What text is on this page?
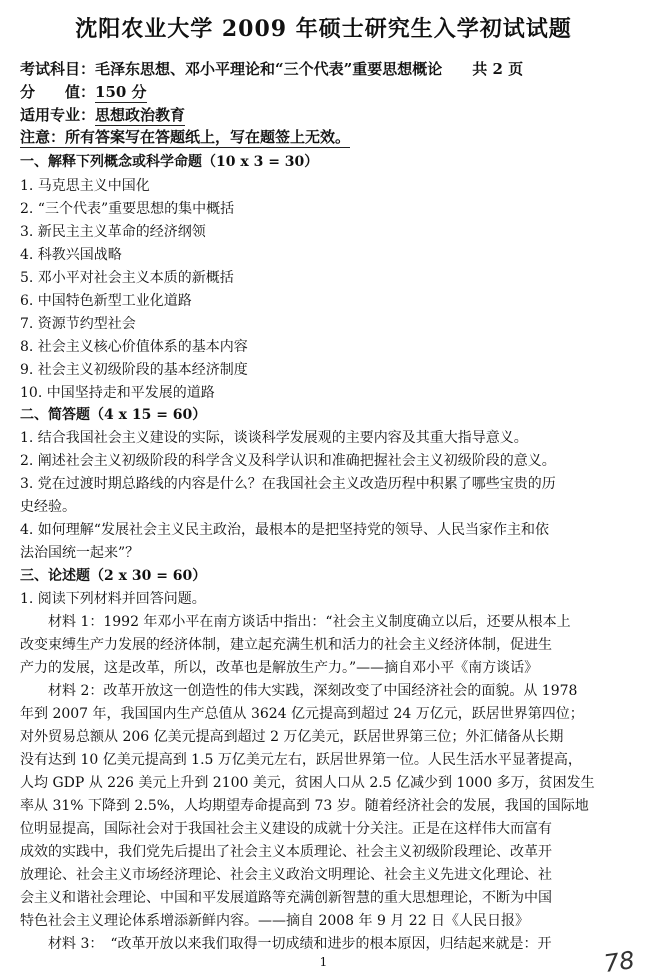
沈阳农业大学 2009 年硕士研究生入学初试试题
考试科目：毛泽东思想、邓小平理论和“三个代表”重要思想概论 共 2 页
分　　值：150 分
适用专业：思想政治教育
注意：所有答案写在答题纸上，写在题签上无效。
一、解释下列概念或科学命题（10 x 3 = 30）
1. 马克思主义中国化
2. “三个代表”重要思想的集中概括
3. 新民主主义革命的经济纲领
4. 科教兴国战略
5. 邓小平对社会主义本质的新概括
6. 中国特色新型工业化道路
7. 资源节约型社会
8. 社会主义核心价值体系的基本内容
9. 社会主义初级阶段的基本经济制度
10. 中国坚持走和平发展的道路
二、简答题（4 x 15 = 60）
1. 结合我国社会主义建设的实际，谈谈科学发展观的主要内容及其重大指导意义。
2. 阐述社会主义初级阶段的科学含义及科学认识和准确把握社会主义初级阶段的意义。
3. 党在过渡时期总路线的内容是什么？在我国社会主义改造历程中积累了哪些宝贵的历
史经验。
4. 如何理解“发展社会主义民主政治，最根本的是把坚持党的领导、人民当家作主和依
法治国统一起来”？
三、论述题（2 x 30 = 60）
1. 阅读下列材料并回答问题。
　　材料 1：1992 年邓小平在南方谈话中指出：“社会主义制度确立以后，还要从根本上
改变束缚生产力发展的经济体制，建立起充满生机和活力的社会主义经济体制，促进生
产力的发展，这是改革，所以，改革也是解放生产力。”——摘自邓小平《南方谈话》
　　材料 2：改革开放这一创造性的伟大实践，深刻改变了中国经济社会的面貌。从 1978
年到 2007 年，我国国内生产总值从 3624 亿元提高到超过 24 万亿元，跃居世界第四位；
对外贸易总额从 206 亿美元提高到超过 2 万亿美元，跃居世界第三位；外汇储备从长期
没有达到 10 亿美元提高到 1.5 万亿美元左右，跃居世界第一位。人民生活水平显著提高，
人均 GDP 从 226 美元上升到 2100 美元，贫困人口从 2.5 亿减少到 1000 多万，贫困发生
率从 31% 下降到 2.5%，人均期望寿命提高到 73 岁。随着经济社会的发展，我国的国际地
位明显提高，国际社会对于我国社会主义建设的成就十分关注。正是在这样伟大而富有
成效的实践中，我们党先后提出了社会主义本质理论、社会主义初级阶段理论、改革开
放理论、社会主义市场经济理论、社会主义政治文明理论、社会主义先进文化理论、社
会主义和谐社会理论、中国和平发展道路等充满创新智慧的重大思想理论，不断为中国
特色社会主义理论体系增添新鲜内容。——摘自 2008 年 9 月 22 日《人民日报》
　　材料 3：　“改革开放以来我们取得一切成绩和进步的根本原因，归结起来就是：开
1	78
